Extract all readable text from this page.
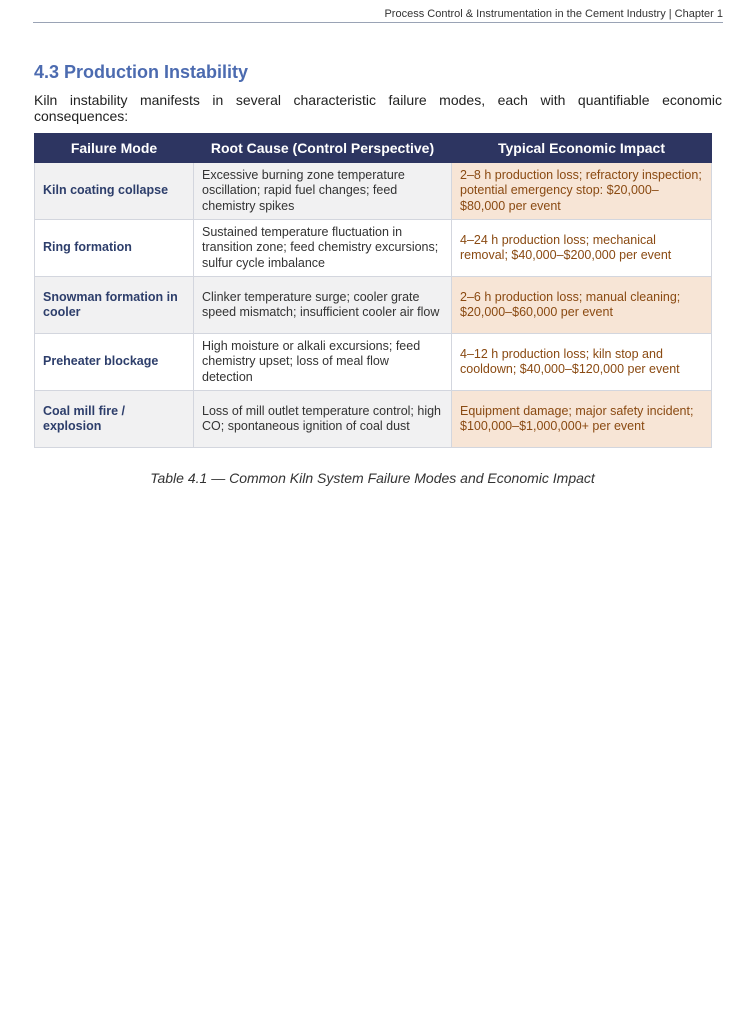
Process Control & Instrumentation in the Cement Industry | Chapter 1
4.3 Production Instability

Kiln instability manifests in several characteristic failure modes, each with quantifiable economic consequences:

Failure Mode	Root Cause (Control Perspective)	Typical Economic Impact
Kiln coating collapse	Excessive burning zone temperature oscillation; rapid fuel changes; feed chemistry spikes	2–8 h production loss; refractory inspection; potential emergency stop: $20,000–$80,000 per event
Ring formation	Sustained temperature fluctuation in transition zone; feed chemistry excursions; sulfur cycle imbalance	4–24 h production loss; mechanical removal; $40,000–$200,000 per event
Snowman formation in cooler	Clinker temperature surge; cooler grate speed mismatch; insufficient cooler air flow	2–6 h production loss; manual cleaning; $20,000–$60,000 per event
Preheater blockage	High moisture or alkali excursions; feed chemistry upset; loss of meal flow detection	4–12 h production loss; kiln stop and cooldown; $40,000–$120,000 per event
Coal mill fire / explosion	Loss of mill outlet temperature control; high CO; spontaneous ignition of coal dust	Equipment damage; major safety incident; $100,000–$1,000,000+ per event

Table 4.1 — Common Kiln System Failure Modes and Economic Impact
